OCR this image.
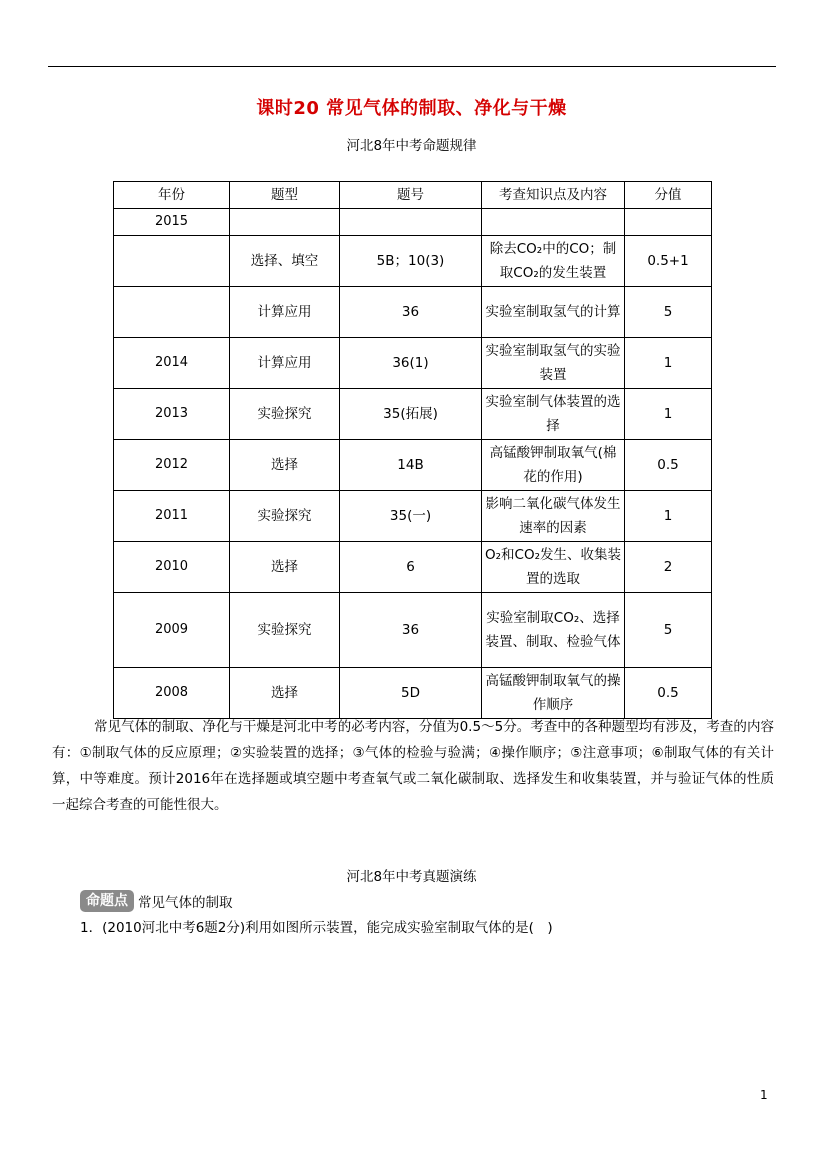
课时20 常见气体的制取、净化与干燥
河北8年中考命题规律
年份	题型	题号	考查知识点及内容	分值
2015				
	选择、填空	5B；10(3)	除去CO₂中的CO；制取CO₂的发生装置	0.5+1
	计算应用	36	实验室制取氢气的计算	5
2014	计算应用	36(1)	实验室制取氢气的实验装置	1
2013	实验探究	35(拓展)	实验室制气体装置的选择	1
2012	选择	14B	高锰酸钾制取氧气(棉花的作用)	0.5
2011	实验探究	35(一)	影响二氧化碳气体发生速率的因素	1
2010	选择	6	O₂和CO₂发生、收集装置的选取	2
2009	实验探究	36	实验室制取CO₂、选择装置、制取、检验气体	5
2008	选择	5D	高锰酸钾制取氧气的操作顺序	0.5
常见气体的制取、净化与干燥是河北中考的必考内容，分值为0.5～5分。考查中的各种题型均有涉及，考查的内容有：①制取气体的反应原理；②实验装置的选择；③气体的检验与验满；④操作顺序；⑤注意事项；⑥制取气体的有关计算，中等难度。预计2016年在选择题或填空题中考查氧气或二氧化碳制取、选择发生和收集装置，并与验证气体的性质一起综合考查的可能性很大。
河北8年中考真题演练
命题点 常见气体的制取
1．(2010河北中考6题2分)利用如图所示装置，能完成实验室制取气体的是(　)
1
